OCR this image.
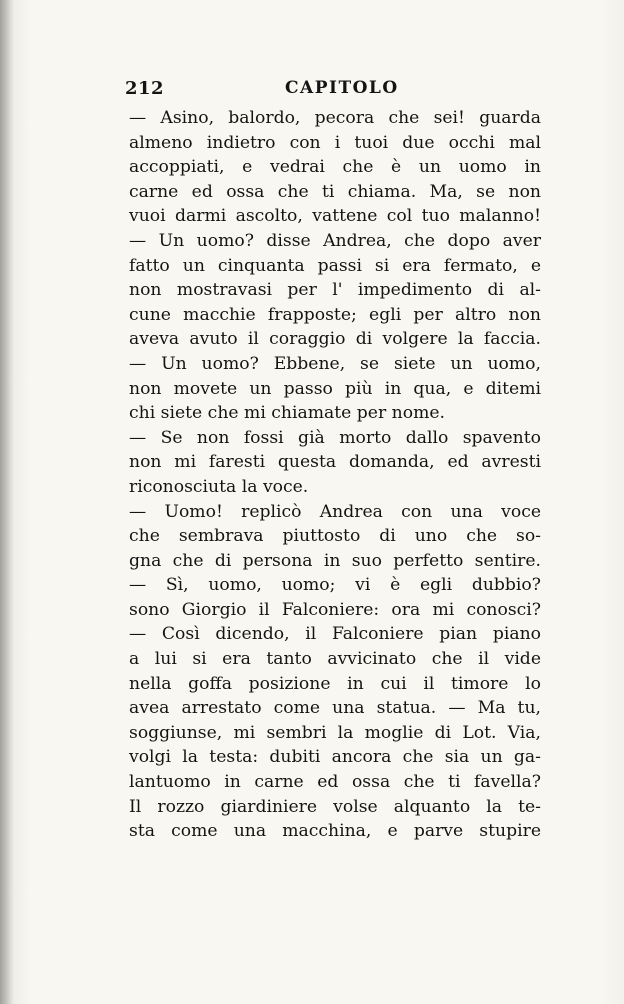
212	CAPITOLO
— Asino, balordo, pecora che sei! guarda
almeno indietro con i tuoi due occhi mal
accoppiati, e vedrai che è un uomo in
carne ed ossa che ti chiama. Ma, se non
vuoi darmi ascolto, vattene col tuo malanno!
— Un uomo? disse Andrea, che dopo aver
fatto un cinquanta passi si era fermato, e
non mostravasi per l' impedimento di al-
cune macchie frapposte; egli per altro non
aveva avuto il coraggio di volgere la faccia.
— Un uomo? Ebbene, se siete un uomo,
non movete un passo più in qua, e ditemi
chi siete che mi chiamate per nome.
— Se non fossi già morto dallo spavento
non mi faresti questa domanda, ed avresti
riconosciuta la voce.
— Uomo! replicò Andrea con una voce
che sembrava piuttosto di uno che so-
gna che di persona in suo perfetto sentire.
— Sì, uomo, uomo; vi è egli dubbio?
sono Giorgio il Falconiere: ora mi conosci?
— Così dicendo, il Falconiere pian piano
a lui si era tanto avvicinato che il vide
nella goffa posizione in cui il timore lo
avea arrestato come una statua. — Ma tu,
soggiunse, mi sembri la moglie di Lot. Via,
volgi la testa: dubiti ancora che sia un ga-
lantuomo in carne ed ossa che ti favella?
Il rozzo giardiniere volse alquanto la te-
sta come una macchina, e parve stupire
